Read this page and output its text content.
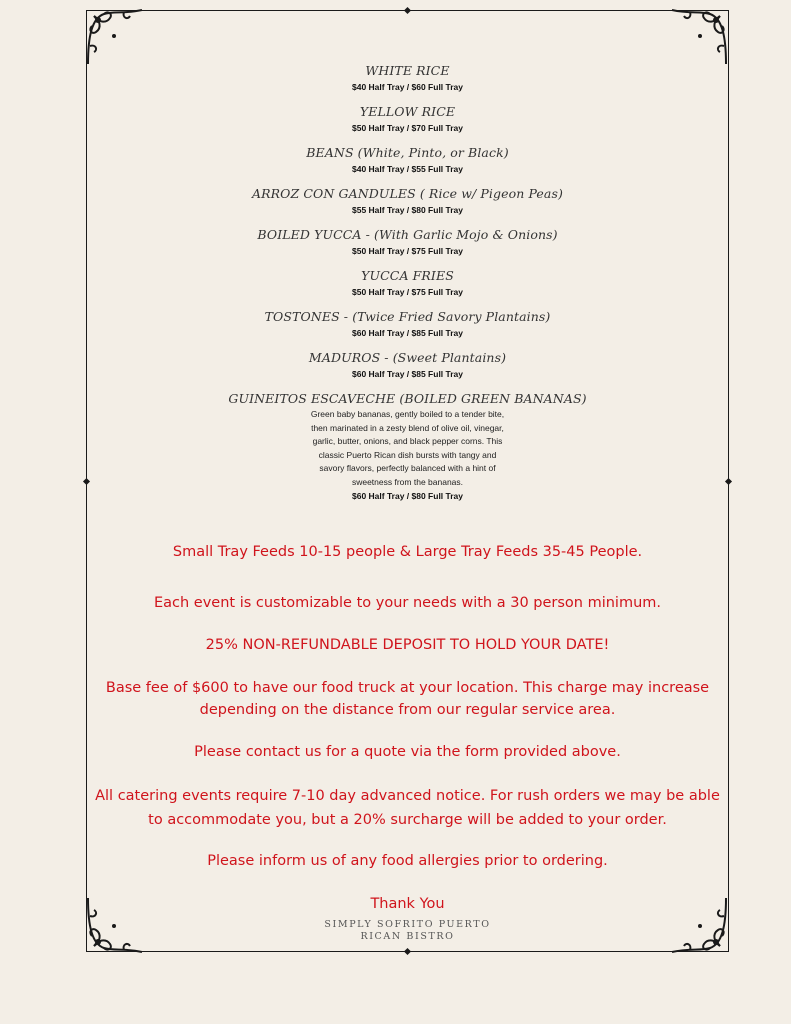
WHITE RICE
$40 Half Tray / $60 Full Tray
YELLOW RICE
$50 Half Tray / $70 Full Tray
BEANS (White, Pinto, or Black)
$40 Half Tray / $55 Full Tray
ARROZ CON GANDULES ( Rice w/ Pigeon Peas)
$55 Half Tray / $80 Full Tray
BOILED YUCCA - (With Garlic Mojo & Onions)
$50 Half Tray / $75 Full Tray
YUCCA FRIES
$50 Half Tray / $75 Full Tray
TOSTONES - (Twice Fried Savory Plantains)
$60 Half Tray / $85 Full Tray
MADUROS - (Sweet Plantains)
$60 Half Tray / $85 Full Tray
GUINEITOS ESCAVECHE (BOILED GREEN BANANAS)
Green baby bananas, gently boiled to a tender bite, then marinated in a zesty blend of olive oil, vinegar, garlic, butter, onions, and black pepper corns. This classic Puerto Rican dish bursts with tangy and savory flavors, perfectly balanced with a hint of sweetness from the bananas.
$60 Half Tray / $80 Full Tray
Small Tray Feeds 10-15 people & Large Tray Feeds 35-45 People.
Each event is customizable to your needs with a 30 person minimum.
25% NON-REFUNDABLE DEPOSIT TO HOLD YOUR DATE!
Base fee of $600 to have our food truck at your location. This charge may increase depending on the distance from our regular service area.
Please contact us for a quote via the form provided above.
All catering events require 7-10 day advanced notice. For rush orders we may be able to accommodate you, but a 20% surcharge will be added to your order.
Please inform us of any food allergies prior to ordering.
Thank You
SIMPLY SOFRITO PUERTO
RICAN BISTRO
